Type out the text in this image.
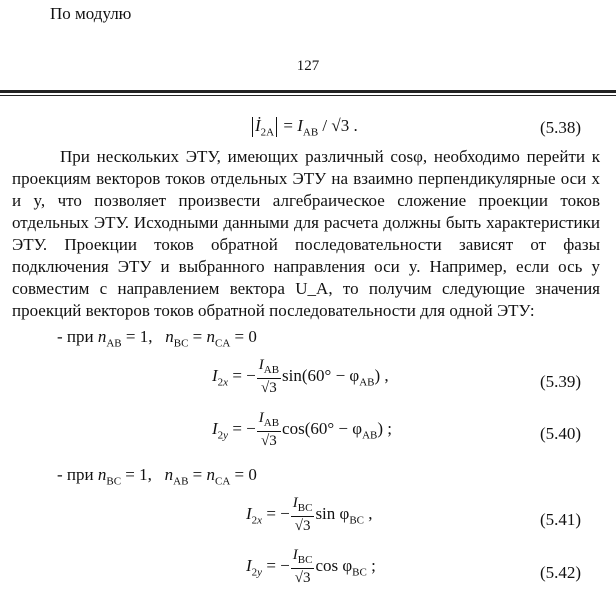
По модулю
127
$İ_{2A} = I_{AB} / √3$ .	(5.38)

При нескольких ЭТУ, имеющих различный cosφ, необходимо перейти к проекциям векторов токов отдельных ЭТУ на взаимно перпендикулярные оси x и y, что позволяет произвести алгебраическое сложение проекции токов отдельных ЭТУ. Исходными данными для расчета должны быть характеристики ЭТУ. Проекции токов обратной последовательности зависят от фазы подключения ЭТУ и выбранного направления оси y. Например, если ось y совместим с направлением вектора U_A, то получим следующие значения проекций векторов токов обратной последовательности для одной ЭТУ:

- при $n_{AB} = 1$,   $n_{BC} = n_{CA} = 0$
$I_{2x}$ = − $\frac{I_{AB}}{√3} \sin(60^\circ - \varphi_{AB})$ ,	(5.39)
$I_{2y}$ = − $\frac{I_{AB}}{√3} \cos(60^\circ - \varphi_{AB})$ ;	(5.40)
- при $n_{BC} = 1$,   $n_{AB} = n_{CA} = 0$
$I_{2x}$ = − $\frac{I_{BC}}{√3}$ $\sin \varphi_{BC}$ ,	(5.41)
$I_{2y}$ = − $\frac{I_{BC}}{√3}$ $\cos \varphi_{BC}$ ;	(5.42)
